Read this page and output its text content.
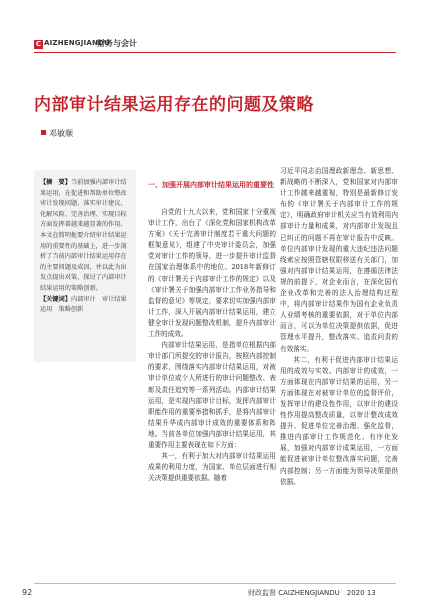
C AIZHENGJIANDU
财务与会计
内部审计结果运用存在的问题及策略
邓敏顺
【摘　要】当前加强内部审计结果运用，在促进和帮助单位整改审计发现问题、落实审计建议、化解风险、完善治理、实现目标方面发挥着越来越显著的作用。本文在简明扼要介绍审计结果运用的重要性的基础上，进一步剖析了当前内部审计结果运用存在的主要问题及成因，并以此为出发点提出对策，探讨了内部审计结果运用的策略创新。
【关键词】内部审计　审计结果运用　策略创新
一、加强开展内部审计结果运用的重要性

自党的十九大以来，党和国家十分重视审计工作，出台了《深化党和国家机构改革方案》《关于完善审计制度若干重大问题的框架意见》，组建了中央审计委员会，加强党对审计工作的领导，进一步提升审计监督在国家治理体系中的地位。2018年新修订的《审计署关于内部审计工作的规定》以及《审计署关于加强内部审计工作业务指导和监督的意见》等规定，要求切实加强内部审计工作，深入开展内部审计结果运用，建立健全审计发现问题整改机制，提升内部审计工作的成效。

内部审计结果运用，是指单位根据内部审计部门所提交的审计报告，按照内部控制的要求，围绕落实内部审计结果运用，对被审计单位或个人所进行的审计问题整改、表彰及责任追究等一系列活动。内部审计结果运用，是实现内部审计目标，发挥内部审计职能作用的重要举措和抓手，是将内部审计结果升华成内部审计成效的重要体系和阵地。当前各单位加强内部审计结果运用，其重要作用主要表现在如下方面：

其一，有利于加大对内部审计结果运用成果的利用力度，为国家、单位层面进行相关决策提供重要依据。随着

习近平同志治国理政新理念、新思想、新战略的不断深入，党和国家对内部审计工作越来越重视，特别是最新修订发布的《审计署关于内部审计工作的规定》，明确政府审计机关应当有效利用内部审计力量和成果，对内部审计发现且已纠正的问题不再在审计报告中反映。单位内部审计发现的重大违纪违法问题线索应按照管辖权限移送有关部门，加强对内部审计结果运用，在遵循法律法规的前提下，对企业而言，在深化国有企业改革和完善的法人治理结构过程中，将内部审计结果作为国有企业负责人业绩考核的重要依据，对于单位内部而言，可以为单位决策提供依据，促进管理水平提升，整改落实、追责问责的有效落实。

其二，有利于促进内部审计结果运用的成效与实效。内部审计的成效，一方面体现在内部审计结果的运用，另一方面体现在对被审计单位的监督评价，发挥审计的建设性作用，以审计的建设性作用提高整改质量，以审计整改成效提升、促进单位完善治理、强化监督，推进内部审计工作规范化、有序化发展，加强对内部审计成果运用，一方面能促进被审计单位整改落实问题，完善内部控制；另一方面能为领导决策提供依据。

92	财政监督 CAIZHENGJIANDU　2020 13
